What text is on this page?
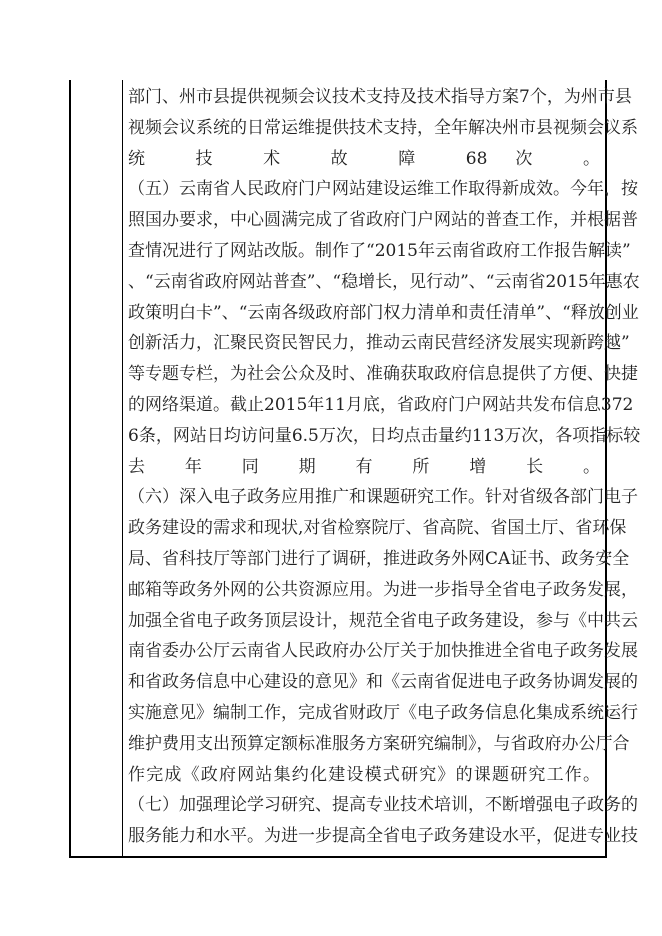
部门、州市县提供视频会议技术支持及技术指导方案7个，为州市县
视频会议系统的日常运维提供技术支持，全年解决州市县视频会议系
统 技 术 故 障 68 次 。
（五）云南省人民政府门户网站建设运维工作取得新成效。今年，按
照国办要求，中心圆满完成了省政府门户网站的普查工作，并根据普
查情况进行了网站改版。制作了“2015年云南省政府工作报告解读”
、“云南省政府网站普查”、“稳增长，见行动”、“云南省2015年惠农
政策明白卡”、“云南各级政府部门权力清单和责任清单”、“释放创业
创新活力，汇聚民资民智民力，推动云南民营经济发展实现新跨越”
等专题专栏，为社会公众及时、准确获取政府信息提供了方便、快捷
的网络渠道。截止2015年11月底，省政府门户网站共发布信息372
6条，网站日均访问量6.5万次，日均点击量约113万次，各项指标较
去 年 同 期 有 所 增 长 。
（六）深入电子政务应用推广和课题研究工作。针对省级各部门电子
政务建设的需求和现状,对省检察院厅、省高院、省国土厅、省环保
局、省科技厅等部门进行了调研，推进政务外网CA证书、政务安全
邮箱等政务外网的公共资源应用。为进一步指导全省电子政务发展，
加强全省电子政务顶层设计，规范全省电子政务建设，参与《中共云
南省委办公厅云南省人民政府办公厅关于加快推进全省电子政务发展
和省政务信息中心建设的意见》和《云南省促进电子政务协调发展的
实施意见》编制工作，完成省财政厅《电子政务信息化集成系统运行
维护费用支出预算定额标准服务方案研究编制》，与省政府办公厅合
作完成《政府网站集约化建设模式研究》的课题研究工作。
（七）加强理论学习研究、提高专业技术培训，不断增强电子政务的
服务能力和水平。为进一步提高全省电子政务建设水平，促进专业技
